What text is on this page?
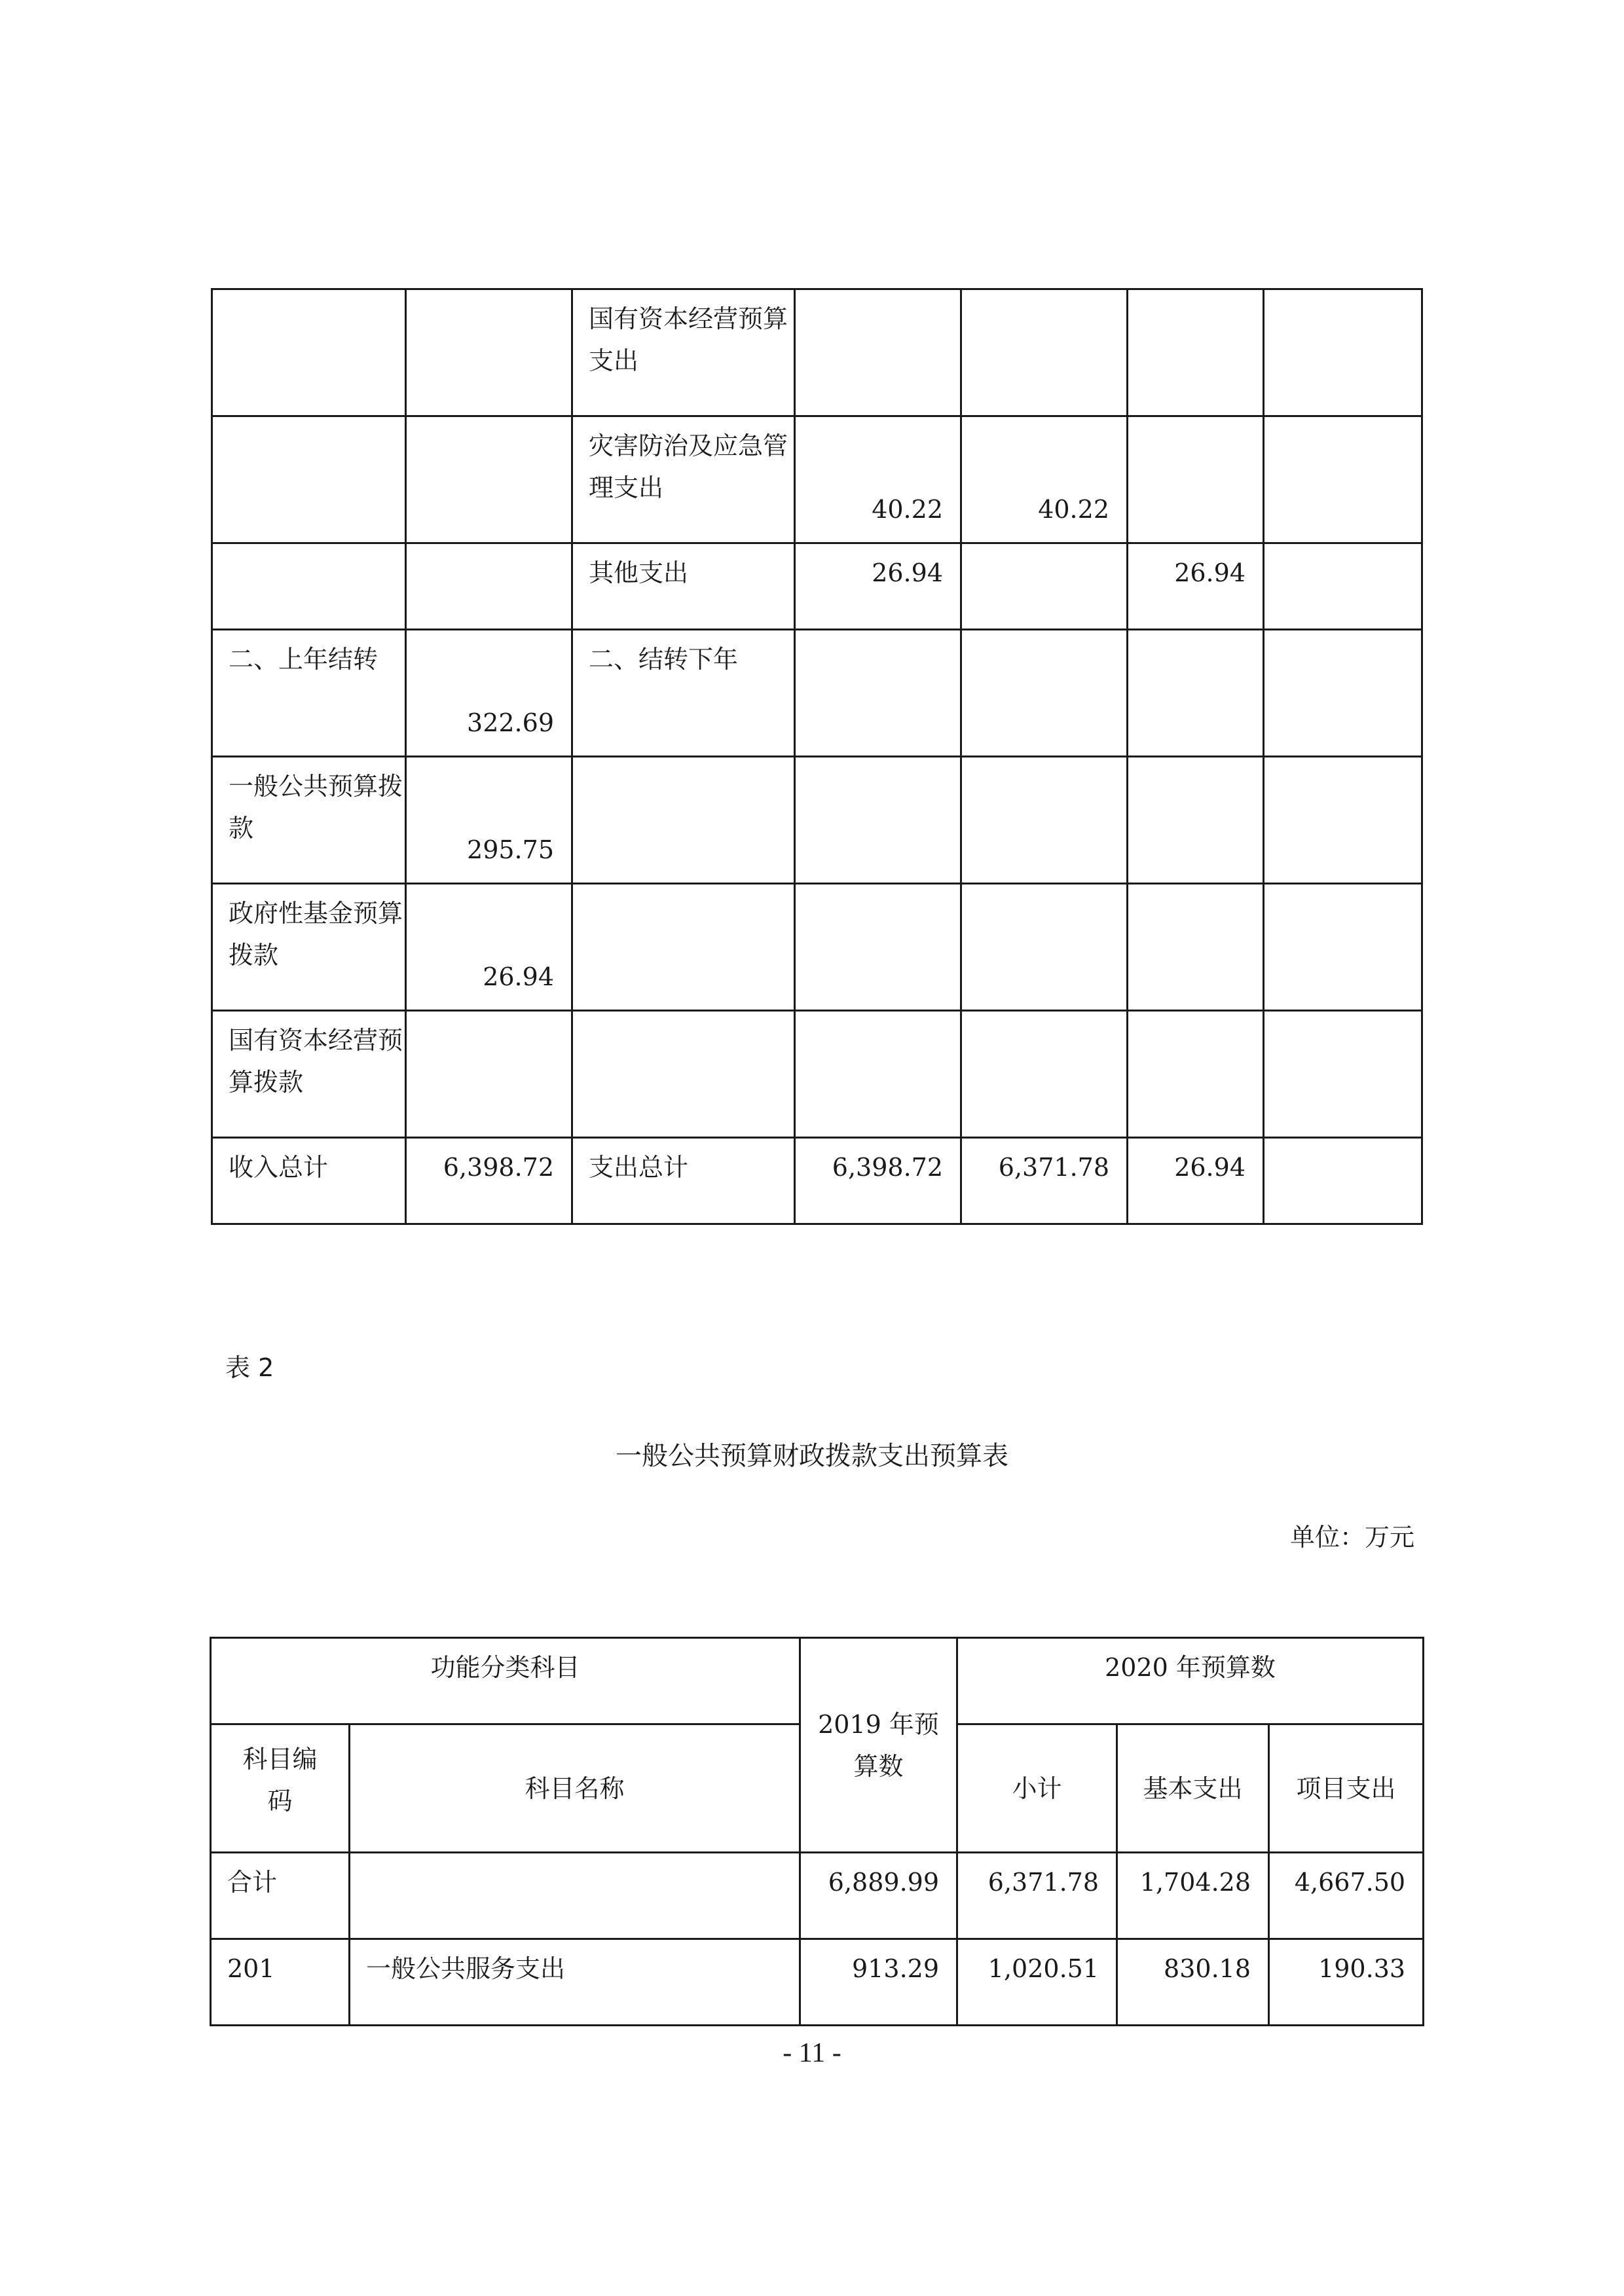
		国有资本经营预算支出				
		灾害防治及应急管理支出	40.22	40.22		
		其他支出	26.94		26.94	
二、上年结转	322.69	二、结转下年				
一般公共预算拨款	295.75					
政府性基金预算拨款	26.94					
国有资本经营预算拨款						
收入总计	6,398.72	支出总计	6,398.72	6,371.78	26.94	
表 2
一般公共预算财政拨款支出预算表
单位：万元
功能分类科目		2019 年预算数	2020 年预算数		
科目编码	科目名称		小计	基本支出	项目支出
合计		6,889.99	6,371.78	1,704.28	4,667.50
201	一般公共服务支出	913.29	1,020.51	830.18	190.33
- 11 -
